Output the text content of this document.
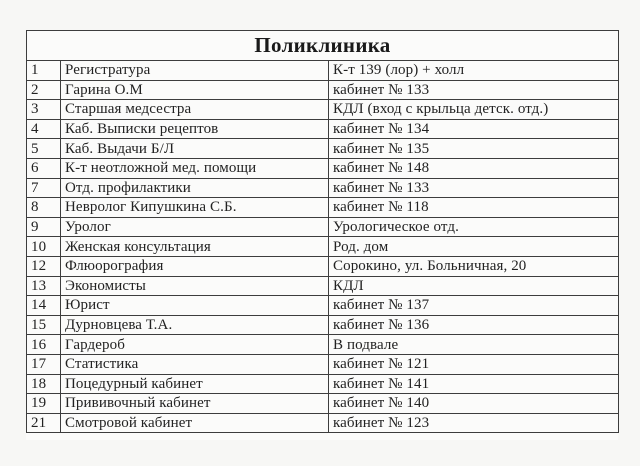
Поликлиника		
1	Регистратура	К-т 139 (лор) + холл
2	Гарина О.М	кабинет № 133
3	Старшая медсестра	КДЛ (вход с крыльца детск. отд.)
4	Каб. Выписки рецептов	кабинет № 134
5	Каб. Выдачи Б/Л	кабинет № 135
6	К-т неотложной мед. помощи	кабинет № 148
7	Отд. профилактики	кабинет № 133
8	Невролог Кипушкина С.Б.	кабинет № 118
9	Уролог	Урологическое отд.
10	Женская консультация	Род. дом
12	Флюорография	Сорокино, ул. Больничная, 20
13	Экономисты	КДЛ
14	Юрист	кабинет № 137
15	Дурновцева Т.А.	кабинет № 136
16	Гардероб	В подвале
17	Статистика	кабинет № 121
18	Поцедурный кабинет	кабинет № 141
19	Прививочный кабинет	кабинет № 140
21	Смотровой кабинет	кабинет № 123
